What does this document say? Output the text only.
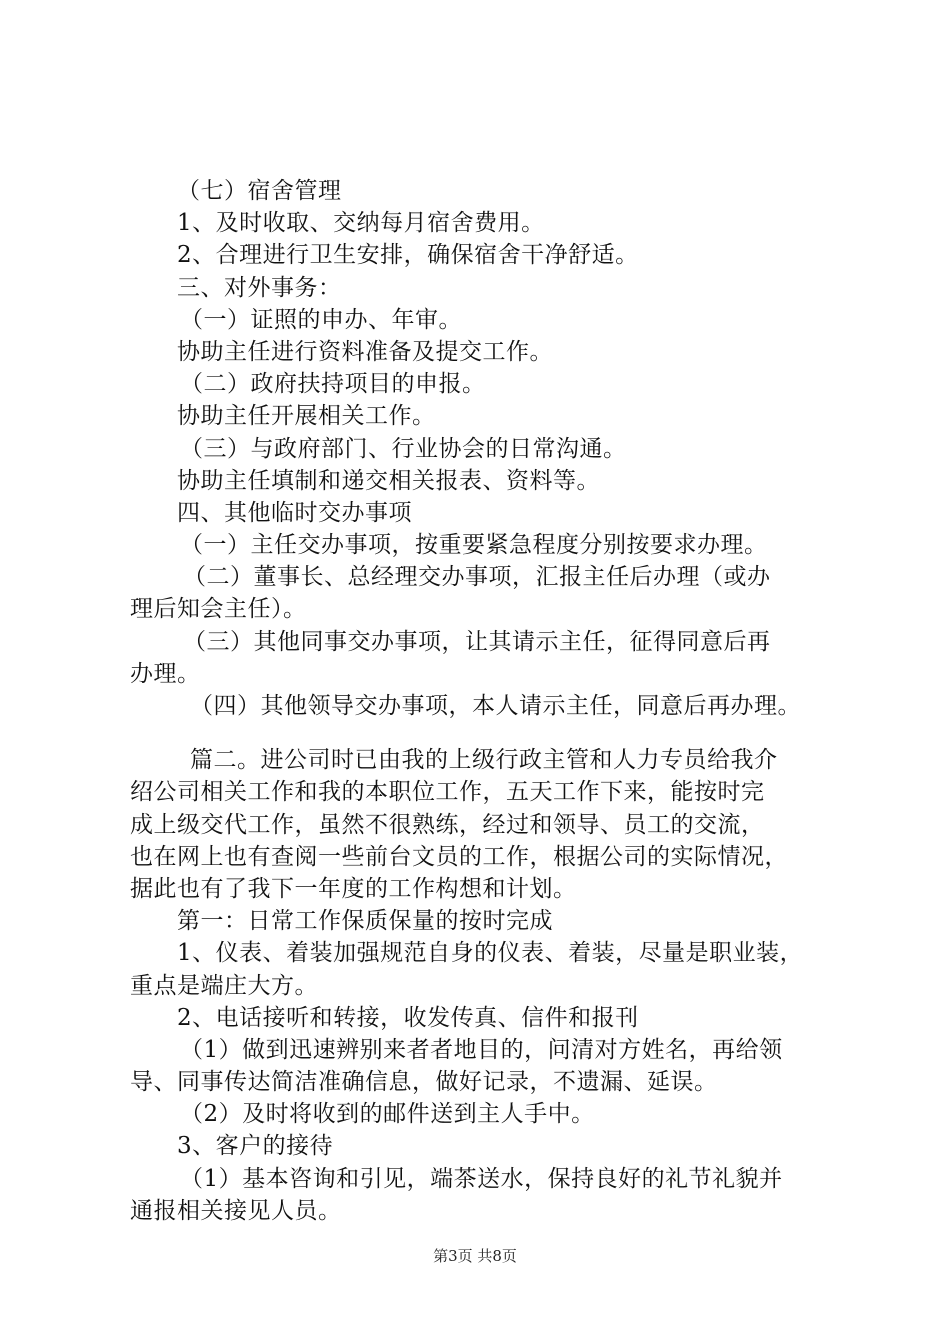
（七）宿舍管理
1、及时收取、交纳每月宿舍费用。
2、合理进行卫生安排，确保宿舍干净舒适。
三、对外事务：
（一）证照的申办、年审。
协助主任进行资料准备及提交工作。
（二）政府扶持项目的申报。
协助主任开展相关工作。
（三）与政府部门、行业协会的日常沟通。
协助主任填制和递交相关报表、资料等。
四、其他临时交办事项
（一）主任交办事项，按重要紧急程度分别按要求办理。
（二）董事长、总经理交办事项，汇报主任后办理（或办
理后知会主任）。
（三）其他同事交办事项，让其请示主任，征得同意后再
办理。
（四）其他领导交办事项，本人请示主任，同意后再办理。
篇二。进公司时已由我的上级行政主管和人力专员给我介
绍公司相关工作和我的本职位工作，五天工作下来，能按时完
成上级交代工作，虽然不很熟练，经过和领导、员工的交流，
也在网上也有查阅一些前台文员的工作，根据公司的实际情况，
据此也有了我下一年度的工作构想和计划。
第一：日常工作保质保量的按时完成
1、仪表、着装加强规范自身的仪表、着装，尽量是职业装，
重点是端庄大方。
2、电话接听和转接，收发传真、信件和报刊
（1）做到迅速辨别来者者地目的，问清对方姓名，再给领
导、同事传达简洁准确信息，做好记录，不遗漏、延误。
（2）及时将收到的邮件送到主人手中。
3、客户的接待
（1）基本咨询和引见，端茶送水，保持良好的礼节礼貌并
通报相关接见人员。
第3页 共8页
